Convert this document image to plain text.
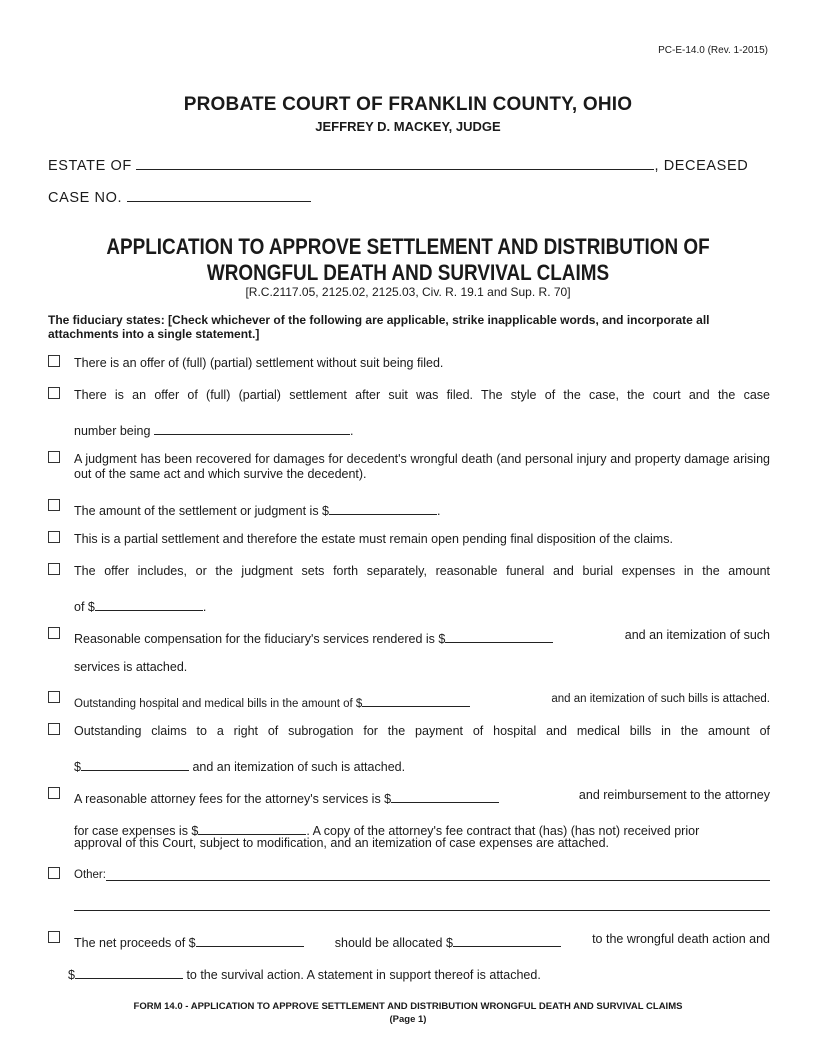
PC-E-14.0 (Rev. 1-2015)
PROBATE COURT OF FRANKLIN COUNTY, OHIO
JEFFREY D. MACKEY, JUDGE
ESTATE OF	, DECEASED
CASE NO.
APPLICATION TO APPROVE SETTLEMENT AND DISTRIBUTION OF
WRONGFUL DEATH AND SURVIVAL CLAIMS
[R.C.2117.05, 2125.02, 2125.03, Civ. R. 19.1 and Sup. R. 70]
The fiduciary states: [Check whichever of the following are applicable, strike inapplicable words, and incorporate all attachments into a single statement.]
There is an offer of (full) (partial) settlement without suit being filed.
There is an offer of (full) (partial) settlement after suit was filed. The style of the case, the court and the case
number being	.
A judgment has been recovered for damages for decedent's wrongful death (and personal injury and property damage arising out of the same act and which survive the decedent).
The amount of the settlement or judgment is $	.
This is a partial settlement and therefore the estate must remain open pending final disposition of the claims.
The offer includes, or the judgment sets forth separately, reasonable funeral and burial expenses in the amount
of $	.
Reasonable compensation for the fiduciary's services rendered is $	and an itemization of such
services is attached.
Outstanding hospital and medical bills in the amount of $	and an itemization of such bills is attached.
Outstanding claims to a right of subrogation for the payment of hospital and medical bills in the amount of
$	and an itemization of such is attached.
A reasonable attorney fees for the attorney's services is $	and reimbursement to the attorney
for case expenses is $	. A copy of the attorney's fee contract that (has) (has not) received prior
approval of this Court, subject to modification, and an itemization of case expenses are attached.
Other:
The net proceeds of $	should be allocated $	to the wrongful death action and
$	to the survival action. A statement in support thereof is attached.
FORM 14.0 - APPLICATION TO APPROVE SETTLEMENT AND DISTRIBUTION WRONGFUL DEATH AND SURVIVAL CLAIMS
(Page 1)
